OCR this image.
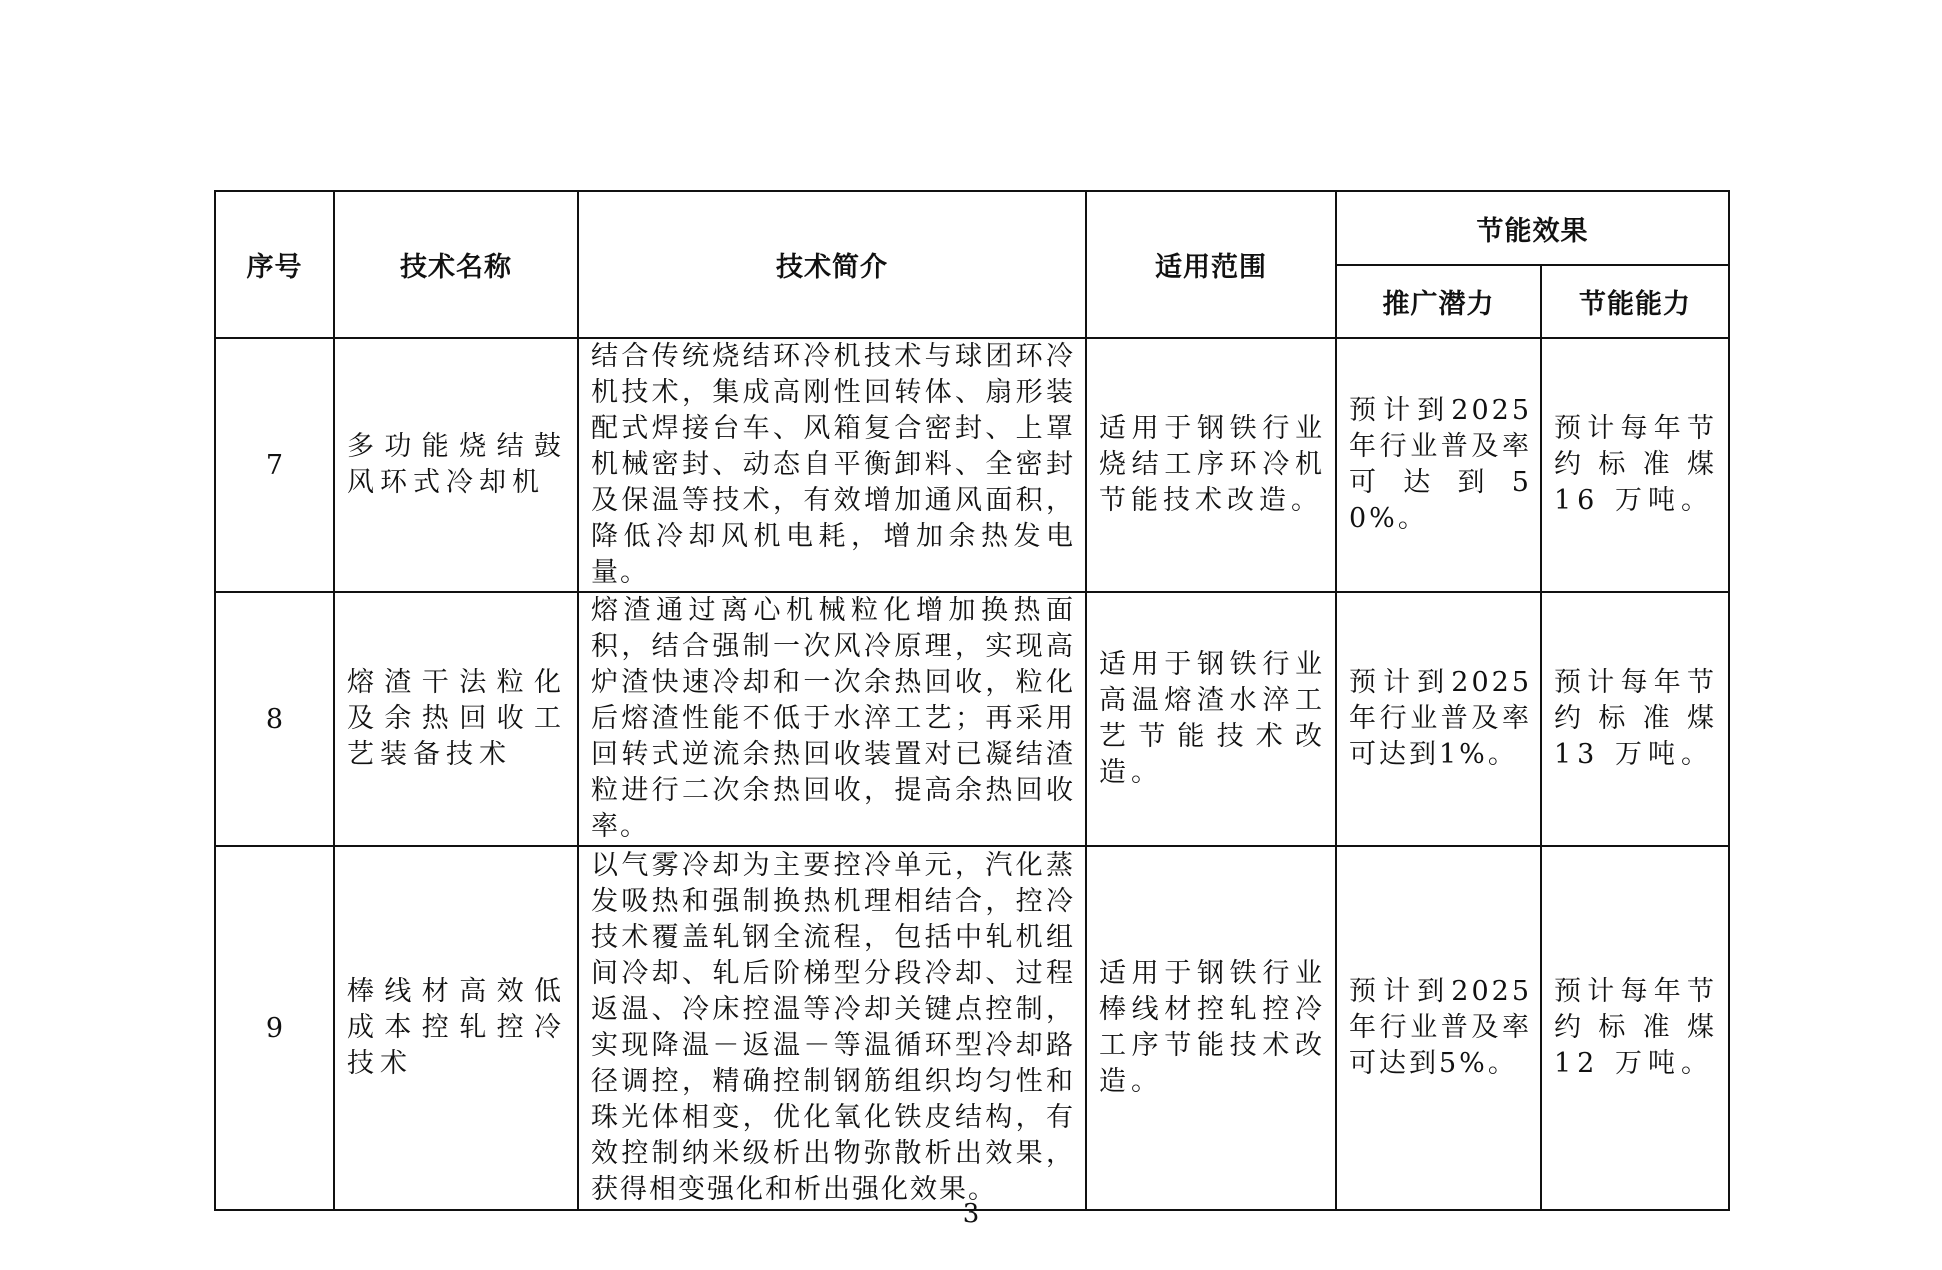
序号	技术名称	技术简介	适用范围	节能效果	
				推广潜力	节能能力
7	多功能烧结鼓风环式冷却机	结合传统烧结环冷机技术与球团环冷机技术，集成高刚性回转体、扇形装配式焊接台车、风箱复合密封、上罩机械密封、动态自平衡卸料、全密封及保温等技术，有效增加通风面积，降低冷却风机电耗，增加余热发电量。	适用于钢铁行业烧结工序环冷机节能技术改造。	预计到2025年行业普及率可达到50%。	预计每年节约标准煤 16 万吨。

8	熔渣干法粒化及余热回收工艺装备技术	熔渣通过离心机械粒化增加换热面积，结合强制一次风冷原理，实现高炉渣快速冷却和一次余热回收，粒化后熔渣性能不低于水淬工艺；再采用回转式逆流余热回收装置对已凝结渣粒进行二次余热回收，提高余热回收率。	适用于钢铁行业高温熔渣水淬工艺节能技术改造。	预计到2025年行业普及率可达到1%。	预计每年节约标准煤 13 万吨。

9	棒线材高效低成本控轧控冷技术	以气雾冷却为主要控冷单元，汽化蒸发吸热和强制换热机理相结合，控冷技术覆盖轧钢全流程，包括中轧机组间冷却、轧后阶梯型分段冷却、过程返温、冷床控温等冷却关键点控制，实现降温－返温－等温循环型冷却路径调控，精确控制钢筋组织均匀性和珠光体相变，优化氧化铁皮结构，有效控制纳米级析出物弥散析出效果，获得相变强化和析出强化效果。	适用于钢铁行业棒线材控轧控冷工序节能技术改造。	预计到2025年行业普及率可达到5%。	预计每年节约标准煤 12 万吨。
3
